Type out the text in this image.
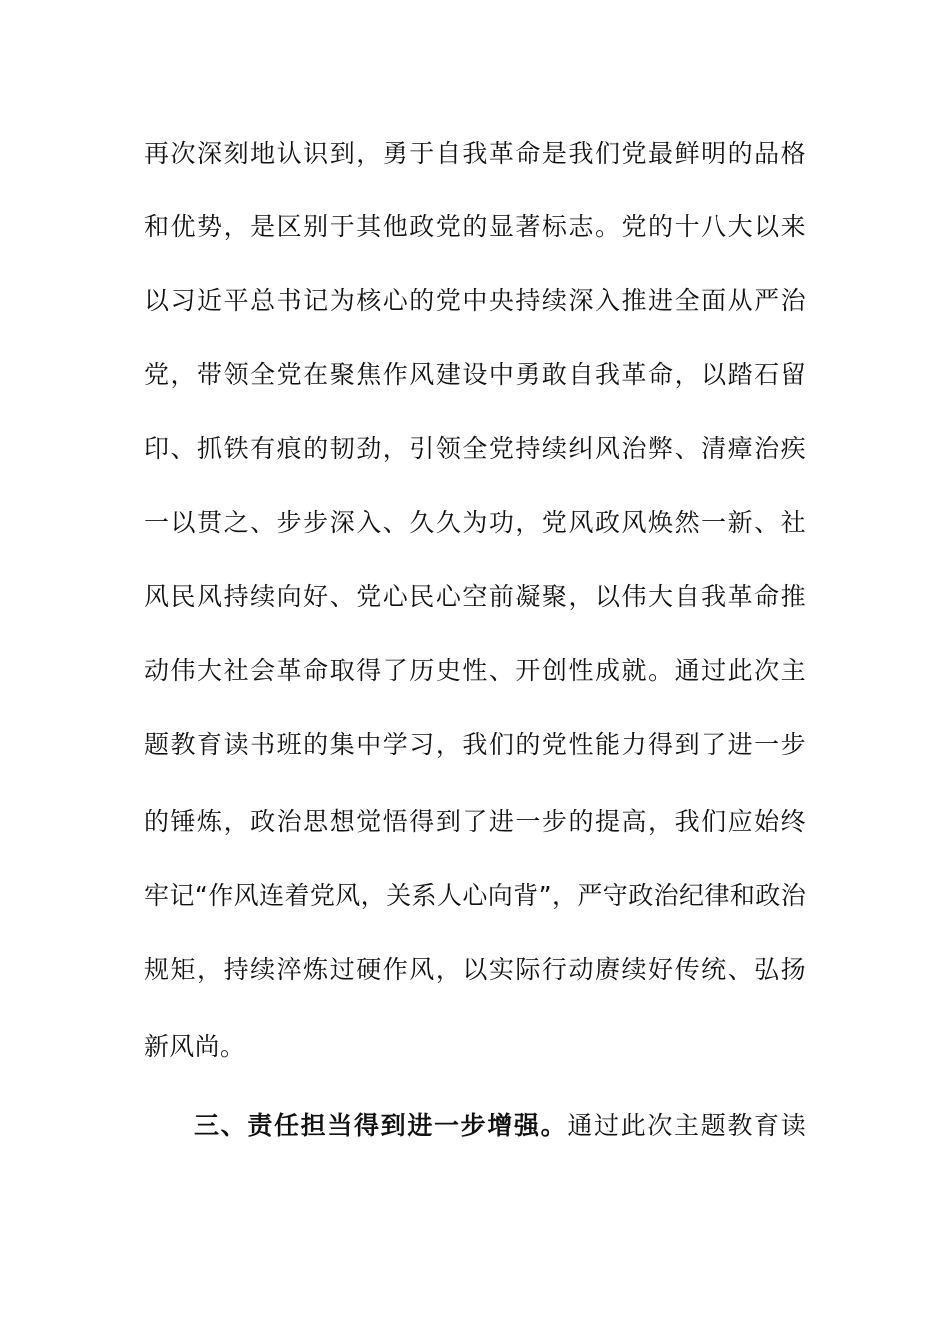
再次深刻地认识到，勇于自我革命是我们党最鲜明的品格
和优势，是区别于其他政党的显著标志。党的十八大以来
以习近平总书记为核心的党中央持续深入推进全面从严治
党，带领全党在聚焦作风建设中勇敢自我革命，以踏石留
印、抓铁有痕的韧劲，引领全党持续纠风治弊、清瘴治疾
一以贯之、步步深入、久久为功，党风政风焕然一新、社
风民风持续向好、党心民心空前凝聚，以伟大自我革命推
动伟大社会革命取得了历史性、开创性成就。通过此次主
题教育读书班的集中学习，我们的党性能力得到了进一步
的锤炼，政治思想觉悟得到了进一步的提高，我们应始终
牢记“作风连着党风，关系人心向背”，严守政治纪律和政治
规矩，持续淬炼过硬作风，以实际行动赓续好传统、弘扬
新风尚。
三、责任担当得到进一步增强。通过此次主题教育读
